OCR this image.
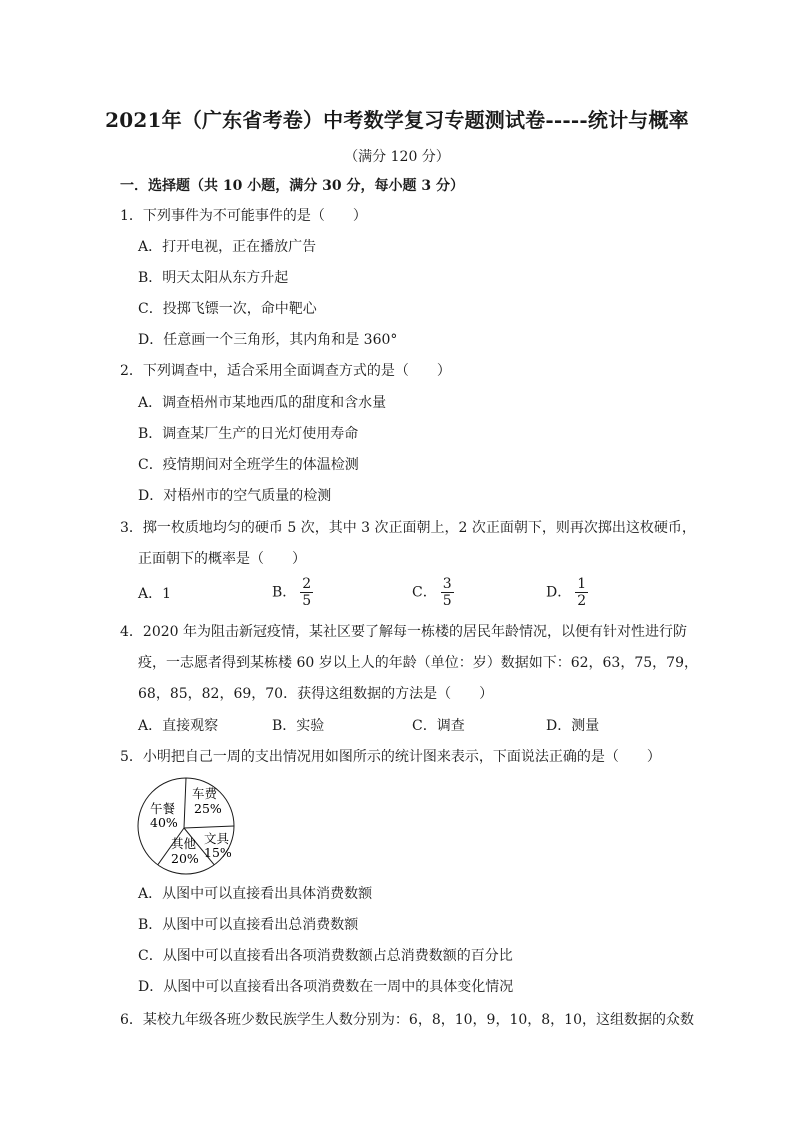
2021年（广东省考卷）中考数学复习专题测试卷-----统计与概率
（满分 120 分）
一．选择题（共 10 小题，满分 30 分，每小题 3 分）
1．下列事件为不可能事件的是（　　）
A．打开电视，正在播放广告
B．明天太阳从东方升起
C．投掷飞镖一次，命中靶心
D．任意画一个三角形，其内角和是 360°
2．下列调查中，适合采用全面调查方式的是（　　）
A．调查梧州市某地西瓜的甜度和含水量
B．调查某厂生产的日光灯使用寿命
C．疫情期间对全班学生的体温检测
D．对梧州市的空气质量的检测
3．掷一枚质地均匀的硬币 5 次，其中 3 次正面朝上，2 次正面朝下，则再次掷出这枚硬币，
正面朝下的概率是（　　）
A．1	B． $\frac{2}{5}$	C． $\frac{3}{5}$	D． $\frac{1}{2}$
4．2020 年为阻击新冠疫情，某社区要了解每一栋楼的居民年龄情况，以便有针对性进行防
疫，一志愿者得到某栋楼 60 岁以上人的年龄（单位：岁）数据如下：62，63，75，79，
68，85，82，69，70．获得这组数据的方法是（　　）
A．直接观察	B．实验	C．调查	D．测量
5．小明把自己一周的支出情况用如图所示的统计图来表示，下面说法正确的是（　　）
午餐
40%
车费
25%
文具
15%
其他
20%
A．从图中可以直接看出具体消费数额
B．从图中可以直接看出总消费数额
C．从图中可以直接看出各项消费数额占总消费数额的百分比
D．从图中可以直接看出各项消费数在一周中的具体变化情况
6．某校九年级各班少数民族学生人数分别为：6，8，10，9，10，8，10，这组数据的众数
